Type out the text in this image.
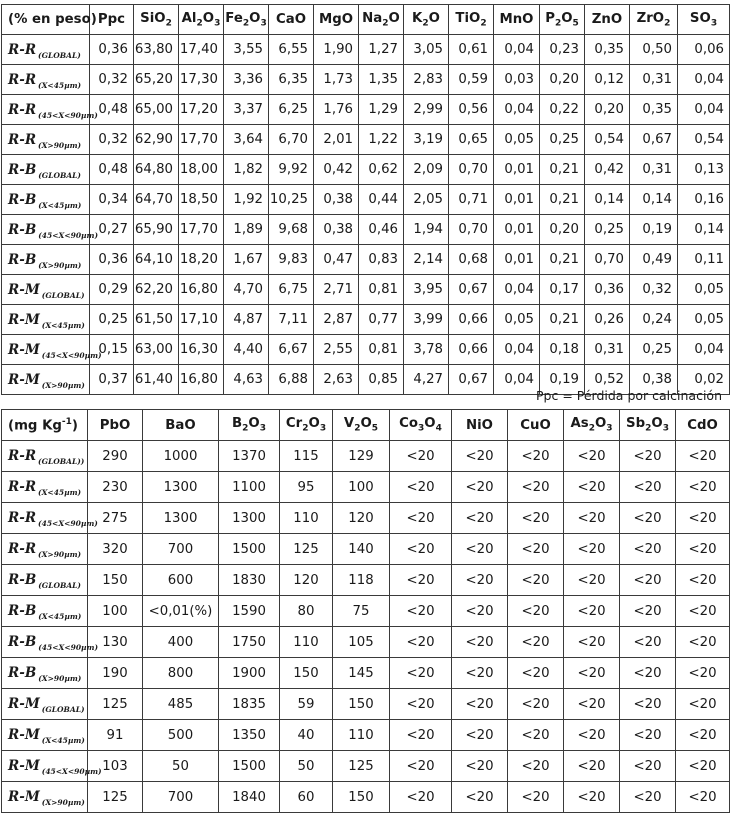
(% en peso)	Ppc	SiO$_2$	$Al_2O_3$	$Fe_2O_3$	CaO	MgO	$Na_2O$	$K_2O$	TiO$_2$	MnO	$P_2O_5$	ZnO	ZrO$_2$	$SO_3$
R-R $_{(GLOBAL)}$	0,36	63,80	17,40	3,55	6,55	1,90	1,27	3,05	0,61	0,04	0,23	0,35	0,50	0,06
R-R $_{(X<45\mu m)}$	0,32	65,20	17,30	3,36	6,35	1,73	1,35	2,83	0,59	0,03	0,20	0,12	0,31	0,04
R-R $_{(45<X<90\mu m)}$	0,48	65,00	17,20	3,37	6,25	1,76	1,29	2,99	0,56	0,04	0,22	0,20	0,35	0,04
R-R $_{(X>90\mu m)}$	0,32	62,90	17,70	3,64	6,70	2,01	1,22	3,19	0,65	0,05	0,25	0,54	0,67	0,54
R-B $_{(GLOBAL)}$	0,48	64,80	18,00	1,82	9,92	0,42	0,62	2,09	0,70	0,01	0,21	0,42	0,31	0,13
R-B $_{(X<45\mu m)}$	0,34	64,70	18,50	1,92	10,25	0,38	0,44	2,05	0,71	0,01	0,21	0,14	0,14	0,16
R-B $_{(45<X<90\mu m)}$	0,27	65,90	17,70	1,89	9,68	0,38	0,46	1,94	0,70	0,01	0,20	0,25	0,19	0,14
R-B $_{(X>90\mu m)}$	0,36	64,10	18,20	1,67	9,83	0,47	0,83	2,14	0,68	0,01	0,21	0,70	0,49	0,11
R-M $_{(GLOBAL)}$	0,29	62,20	16,80	4,70	6,75	2,71	0,81	3,95	0,67	0,04	0,17	0,36	0,32	0,05
R-M $_{(X<45\mu m)}$	0,25	61,50	17,10	4,87	7,11	2,87	0,77	3,99	0,66	0,05	0,21	0,26	0,24	0,05
R-M $_{(45<X<90\mu m)}$	0,15	63,00	16,30	4,40	6,67	2,55	0,81	3,78	0,66	0,04	0,18	0,31	0,25	0,04
R-M $_{(X>90\mu m)}$	0,37	61,40	16,80	4,63	6,88	2,63	0,85	4,27	0,67	0,04	0,19	0,52	0,38	0,02
Ppc = Pérdida por calcinación
(mg $Kg^{-1}$)	PbO	BaO	$B_2O_3$	$Cr_2O_3$	$V_2O_5$	$Co_3O_4$	NiO	CuO	$As_2O_3$	$Sb_2O_3$	CdO
R-R $_{(GLOBAL))}$	290	1000	1370	115	129	<20	<20	<20	<20	<20	<20
R-R $_{(X<45\mu m)}$	230	1300	1100	95	100	<20	<20	<20	<20	<20	<20
R-R $_{(45<X<90\mu m)}$	275	1300	1300	110	120	<20	<20	<20	<20	<20	<20
R-R $_{(X>90\mu m)}$	320	700	1500	125	140	<20	<20	<20	<20	<20	<20
R-B $_{(GLOBAL)}$	150	600	1830	120	118	<20	<20	<20	<20	<20	<20
R-B $_{(X<45\mu m)}$	100	<0,01(%)	1590	80	75	<20	<20	<20	<20	<20	<20
R-B $_{(45<X<90\mu m)}$	130	400	1750	110	105	<20	<20	<20	<20	<20	<20
R-B $_{(X>90\mu m)}$	190	800	1900	150	145	<20	<20	<20	<20	<20	<20
R-M $_{(GLOBAL)}$	125	485	1835	59	150	<20	<20	<20	<20	<20	<20
R-M $_{(X<45\mu m)}$	91	500	1350	40	110	<20	<20	<20	<20	<20	<20
R-M $_{(45<X<90\mu m)}$	103	50	1500	50	125	<20	<20	<20	<20	<20	<20
R-M $_{(X>90\mu m)}$	125	700	1840	60	150	<20	<20	<20	<20	<20	<20
